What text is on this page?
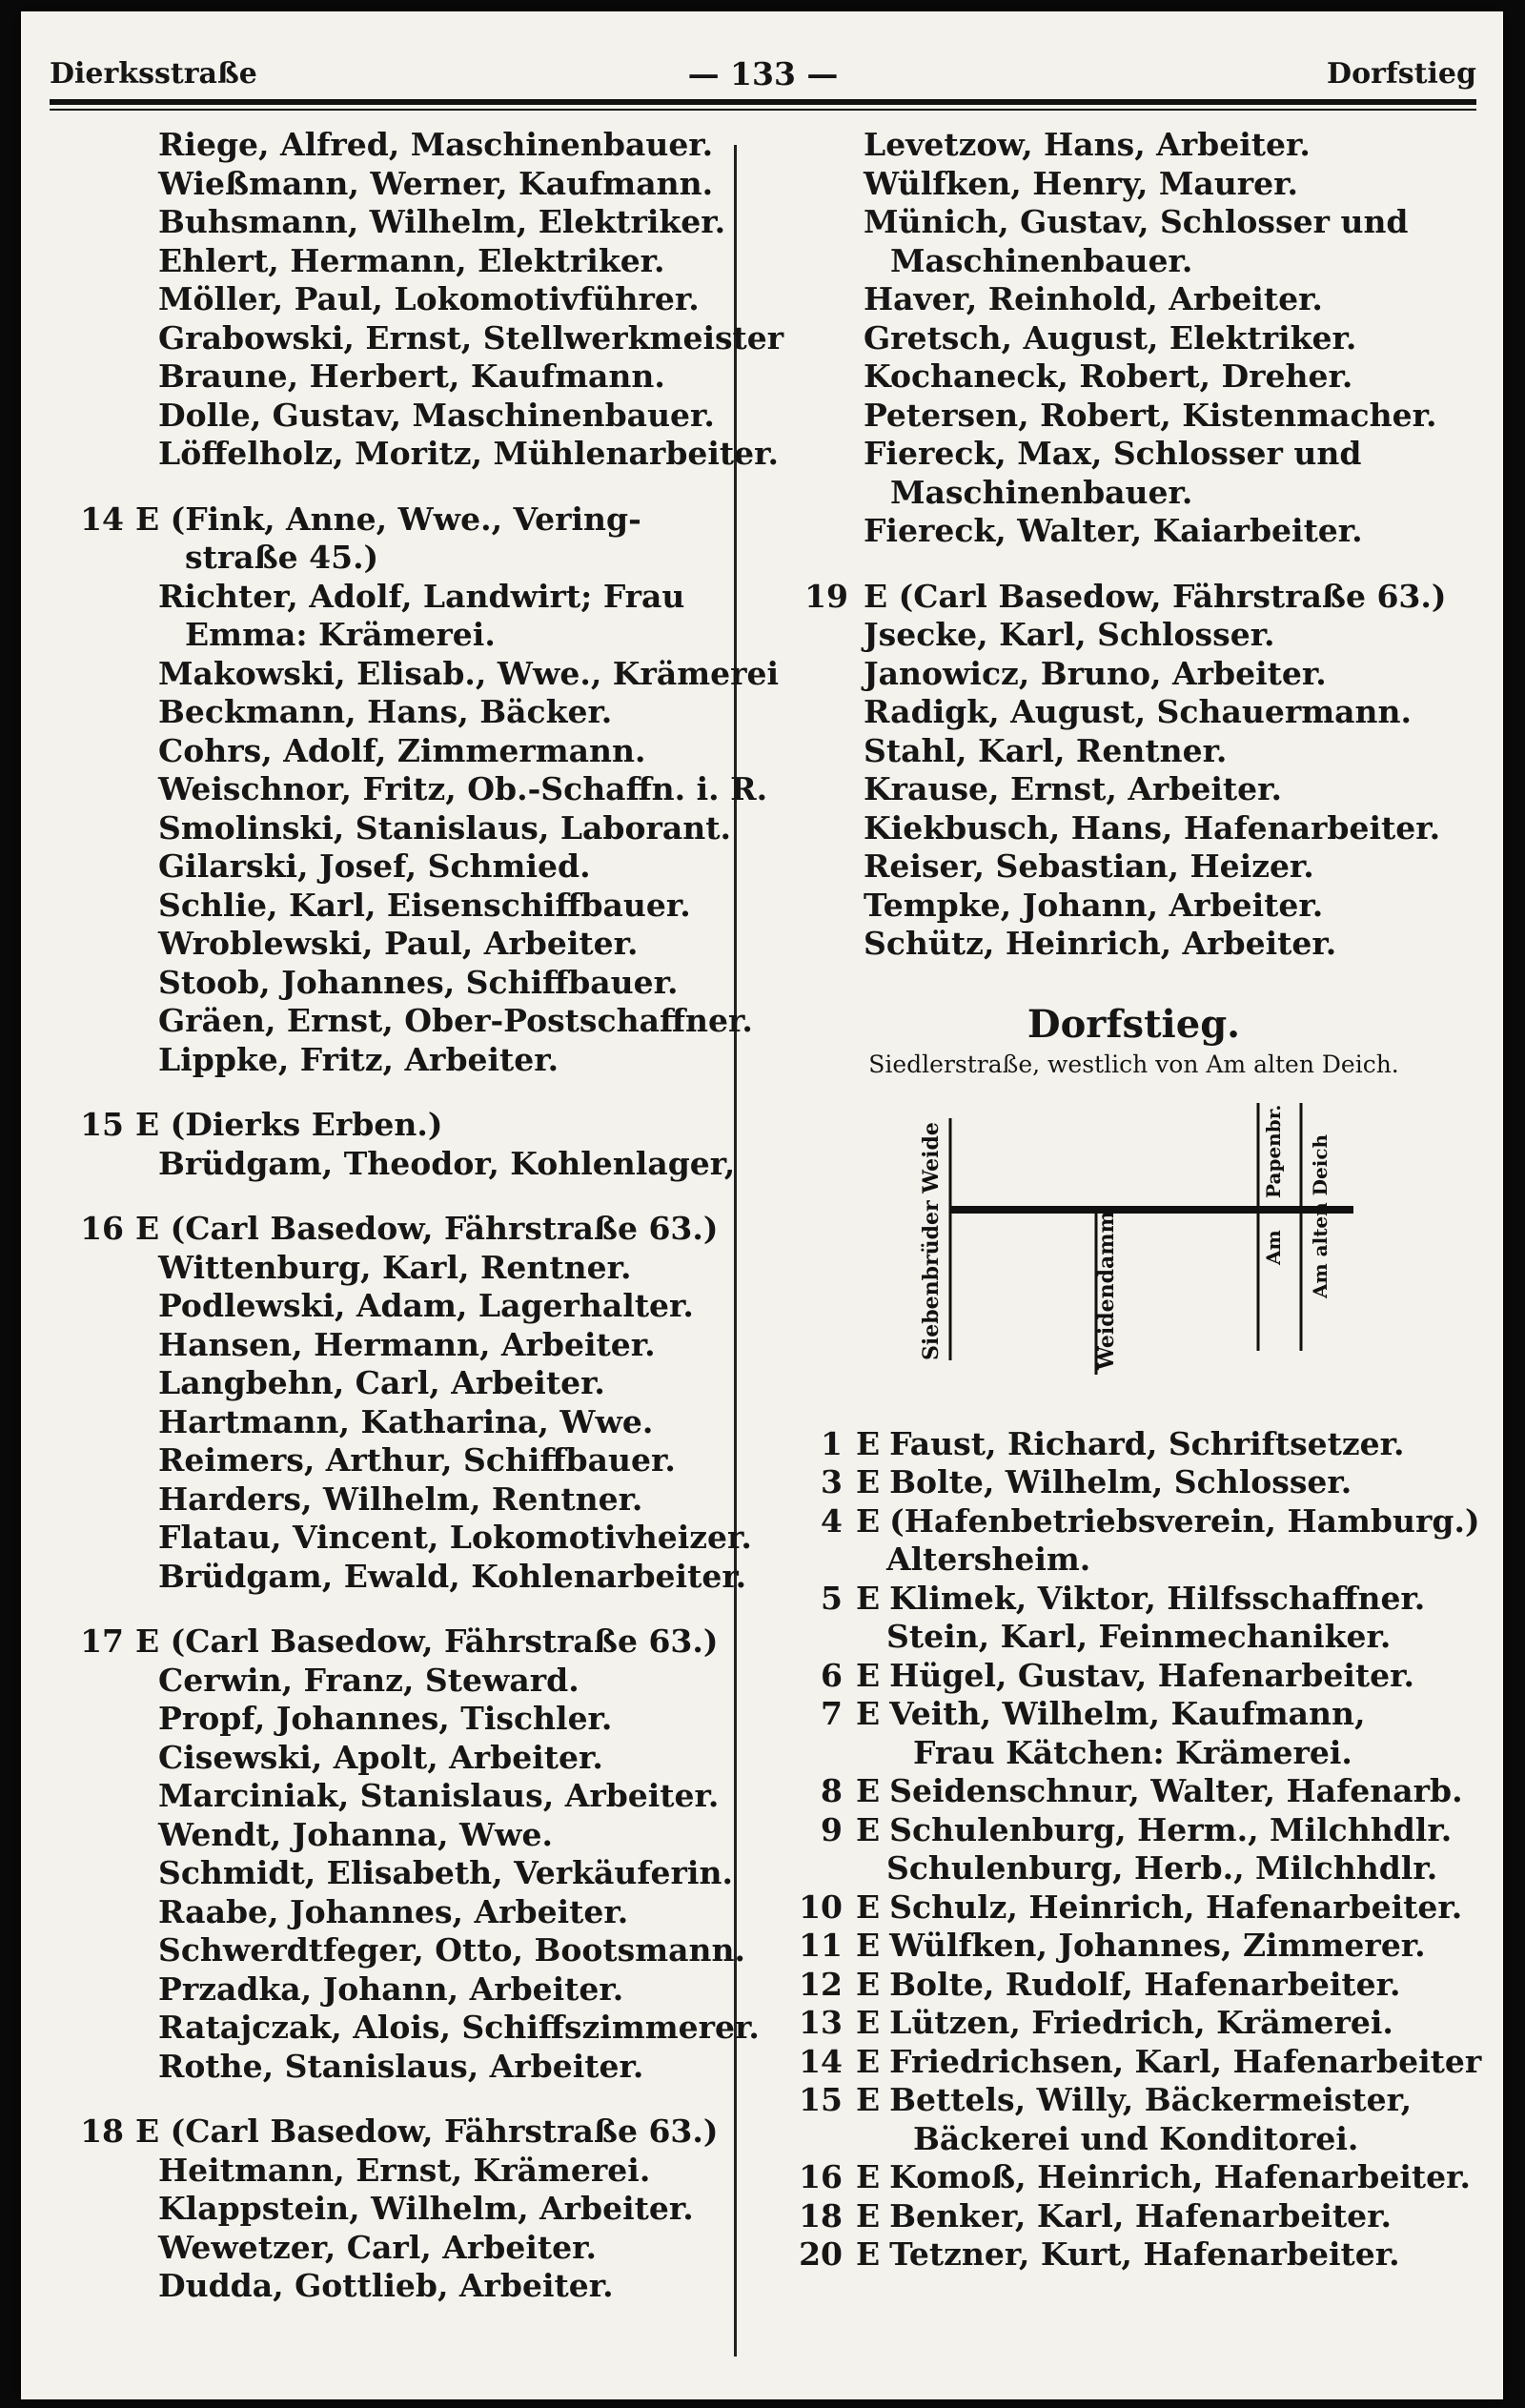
Dierksstraße	— 133 —	Dorfstieg
Riege, Alfred, Maschinenbauer.
Wießmann, Werner, Kaufmann.
Buhsmann, Wilhelm, Elektriker.
Ehlert, Hermann, Elektriker.
Möller, Paul, Lokomotivführer.
Grabowski, Ernst, Stellwerkmeister
Braune, Herbert, Kaufmann.
Dolle, Gustav, Maschinenbauer.
Löffelholz, Moritz, Mühlenarbeiter.
14 E (Fink, Anne, Wwe., Vering-
straße 45.)
Richter, Adolf, Landwirt; Frau
Emma: Krämerei.
Makowski, Elisab., Wwe., Krämerei
Beckmann, Hans, Bäcker.
Cohrs, Adolf, Zimmermann.
Weischnor, Fritz, Ob.-Schaffn. i. R.
Smolinski, Stanislaus, Laborant.
Gilarski, Josef, Schmied.
Schlie, Karl, Eisenschiffbauer.
Wroblewski, Paul, Arbeiter.
Stoob, Johannes, Schiffbauer.
Gräen, Ernst, Ober-Postschaffner.
Lippke, Fritz, Arbeiter.
15 E (Dierks Erben.)
Brüdgam, Theodor, Kohlenlager,
16 E (Carl Basedow, Fährstraße 63.)
Wittenburg, Karl, Rentner.
Podlewski, Adam, Lagerhalter.
Hansen, Hermann, Arbeiter.
Langbehn, Carl, Arbeiter.
Hartmann, Katharina, Wwe.
Reimers, Arthur, Schiffbauer.
Harders, Wilhelm, Rentner.
Flatau, Vincent, Lokomotivheizer.
Brüdgam, Ewald, Kohlenarbeiter.
17 E (Carl Basedow, Fährstraße 63.)
Cerwin, Franz, Steward.
Propf, Johannes, Tischler.
Cisewski, Apolt, Arbeiter.
Marciniak, Stanislaus, Arbeiter.
Wendt, Johanna, Wwe.
Schmidt, Elisabeth, Verkäuferin.
Raabe, Johannes, Arbeiter.
Schwerdtfeger, Otto, Bootsmann.
Przadka, Johann, Arbeiter.
Ratajczak, Alois, Schiffszimmerer.
Rothe, Stanislaus, Arbeiter.
18 E (Carl Basedow, Fährstraße 63.)
Heitmann, Ernst, Krämerei.
Klappstein, Wilhelm, Arbeiter.
Wewetzer, Carl, Arbeiter.
Dudda, Gottlieb, Arbeiter.
Levetzow, Hans, Arbeiter.
Wülfken, Henry, Maurer.
Münich, Gustav, Schlosser und
Maschinenbauer.
Haver, Reinhold, Arbeiter.
Gretsch, August, Elektriker.
Kochaneck, Robert, Dreher.
Petersen, Robert, Kistenmacher.
Fiereck, Max, Schlosser und
Maschinenbauer.
Fiereck, Walter, Kaiarbeiter.
19 E (Carl Basedow, Fährstraße 63.)
Jsecke, Karl, Schlosser.
Janowicz, Bruno, Arbeiter.
Radigk, August, Schauermann.
Stahl, Karl, Rentner.
Krause, Ernst, Arbeiter.
Kiekbusch, Hans, Hafenarbeiter.
Reiser, Sebastian, Heizer.
Tempke, Johann, Arbeiter.
Schütz, Heinrich, Arbeiter.
Dorfstieg.
Siedlerstraße, westlich von Am alten Deich.
Siebenbrüder Weide	Weidendamm
Papenbr.
Am Am alten Deich
1 E Faust, Richard, Schriftsetzer.
3 E Bolte, Wilhelm, Schlosser.
4 E (Hafenbetriebsverein, Hamburg.)
Altersheim.
5 E Klimek, Viktor, Hilfsschaffner.
Stein, Karl, Feinmechaniker.
6 E Hügel, Gustav, Hafenarbeiter.
7 E Veith, Wilhelm, Kaufmann,
Frau Kätchen: Krämerei.
8 E Seidenschnur, Walter, Hafenarb.
9 E Schulenburg, Herm., Milchhdlr.
Schulenburg, Herb., Milchhdlr.
10 E Schulz, Heinrich, Hafenarbeiter.
11 E Wülfken, Johannes, Zimmerer.
12 E Bolte, Rudolf, Hafenarbeiter.
13 E Lützen, Friedrich, Krämerei.
14 E Friedrichsen, Karl, Hafenarbeiter
15 E Bettels, Willy, Bäckermeister,
Bäckerei und Konditorei.
16 E Komoß, Heinrich, Hafenarbeiter.
18 E Benker, Karl, Hafenarbeiter.
20 E Tetzner, Kurt, Hafenarbeiter.
